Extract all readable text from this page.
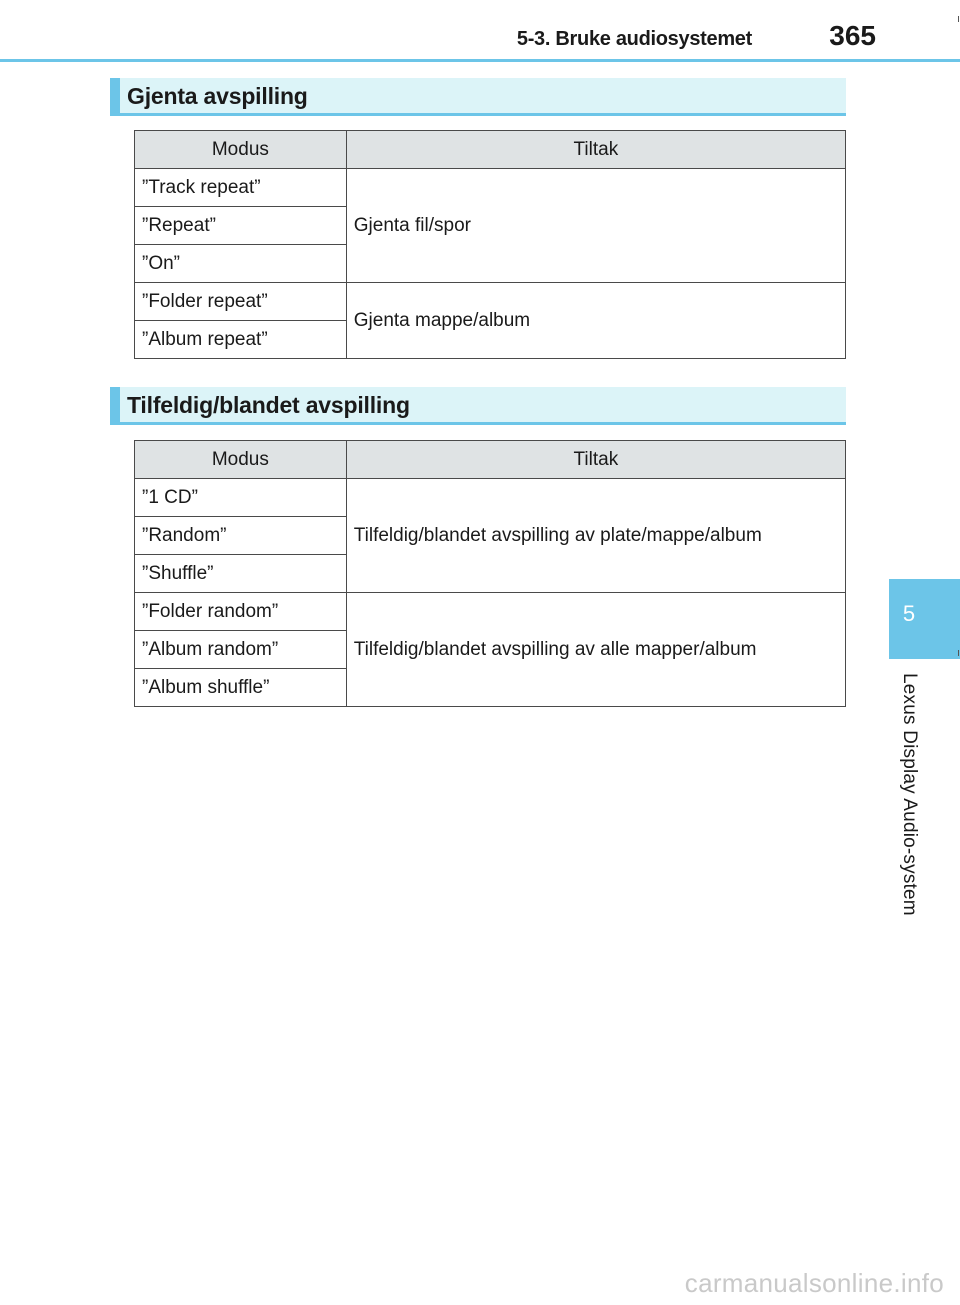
5-3. Bruke audiosystemet	365
Gjenta avspilling
Modus	Tiltak
”Track repeat”	Gjenta fil/spor
”Repeat”	
”On”	
”Folder repeat”	Gjenta mappe/album
”Album repeat”	
Tilfeldig/blandet avspilling
Modus	Tiltak
”1 CD”	Tilfeldig/blandet avspilling av plate/mappe/album
”Random”	
”Shuffle”	
”Folder random”	Tilfeldig/blandet avspilling av alle mapper/album
”Album random”	
”Album shuffle”	
5
Lexus Display Audio-system
carmanualsonline.info
